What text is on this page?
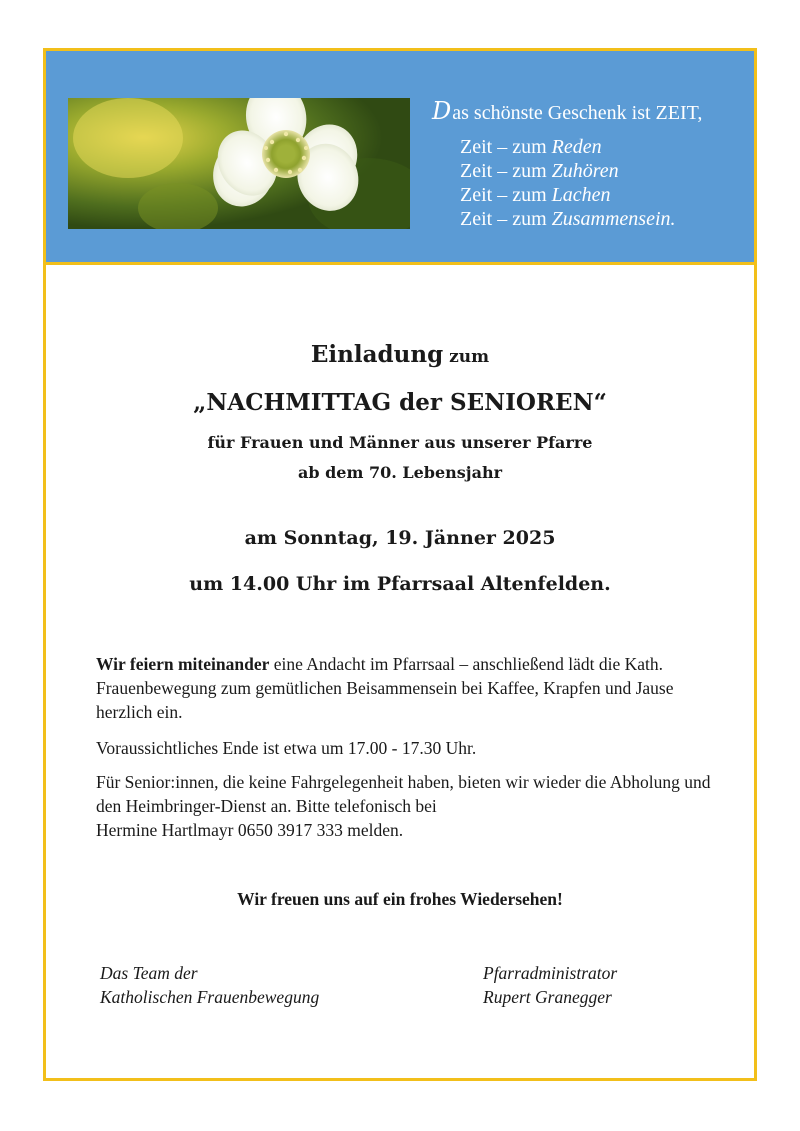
D as schönste Geschenk ist ZEIT,
Zeit – zum Reden
Zeit – zum Zuhören
Zeit – zum Lachen
Zeit – zum Zusammensein.
Einladung zum
„NACHMITTAG der SENIOREN“

für Frauen und Männer aus unserer Pfarre

ab dem 70. Lebensjahr

am Sonntag, 19. Jänner 2025

um 14.00 Uhr im Pfarrsaal Altenfelden.

Wir feiern miteinander eine Andacht im Pfarrsaal – anschließend lädt die Kath. Frauenbewegung zum gemütlichen Beisammensein bei Kaffee, Krapfen und Jause herzlich ein.

Voraussichtliches Ende ist etwa um 17.00 - 17.30 Uhr.

Für Senior:innen, die keine Fahrgelegenheit haben, bieten wir wieder die Abholung und den Heimbringer-Dienst an. Bitte telefonisch bei
Hermine Hartlmayr 0650 3917 333 melden.

Wir freuen uns auf ein frohes Wiedersehen!

Das Team der
Katholischen Frauenbewegung
Pfarradministrator
Rupert Granegger
